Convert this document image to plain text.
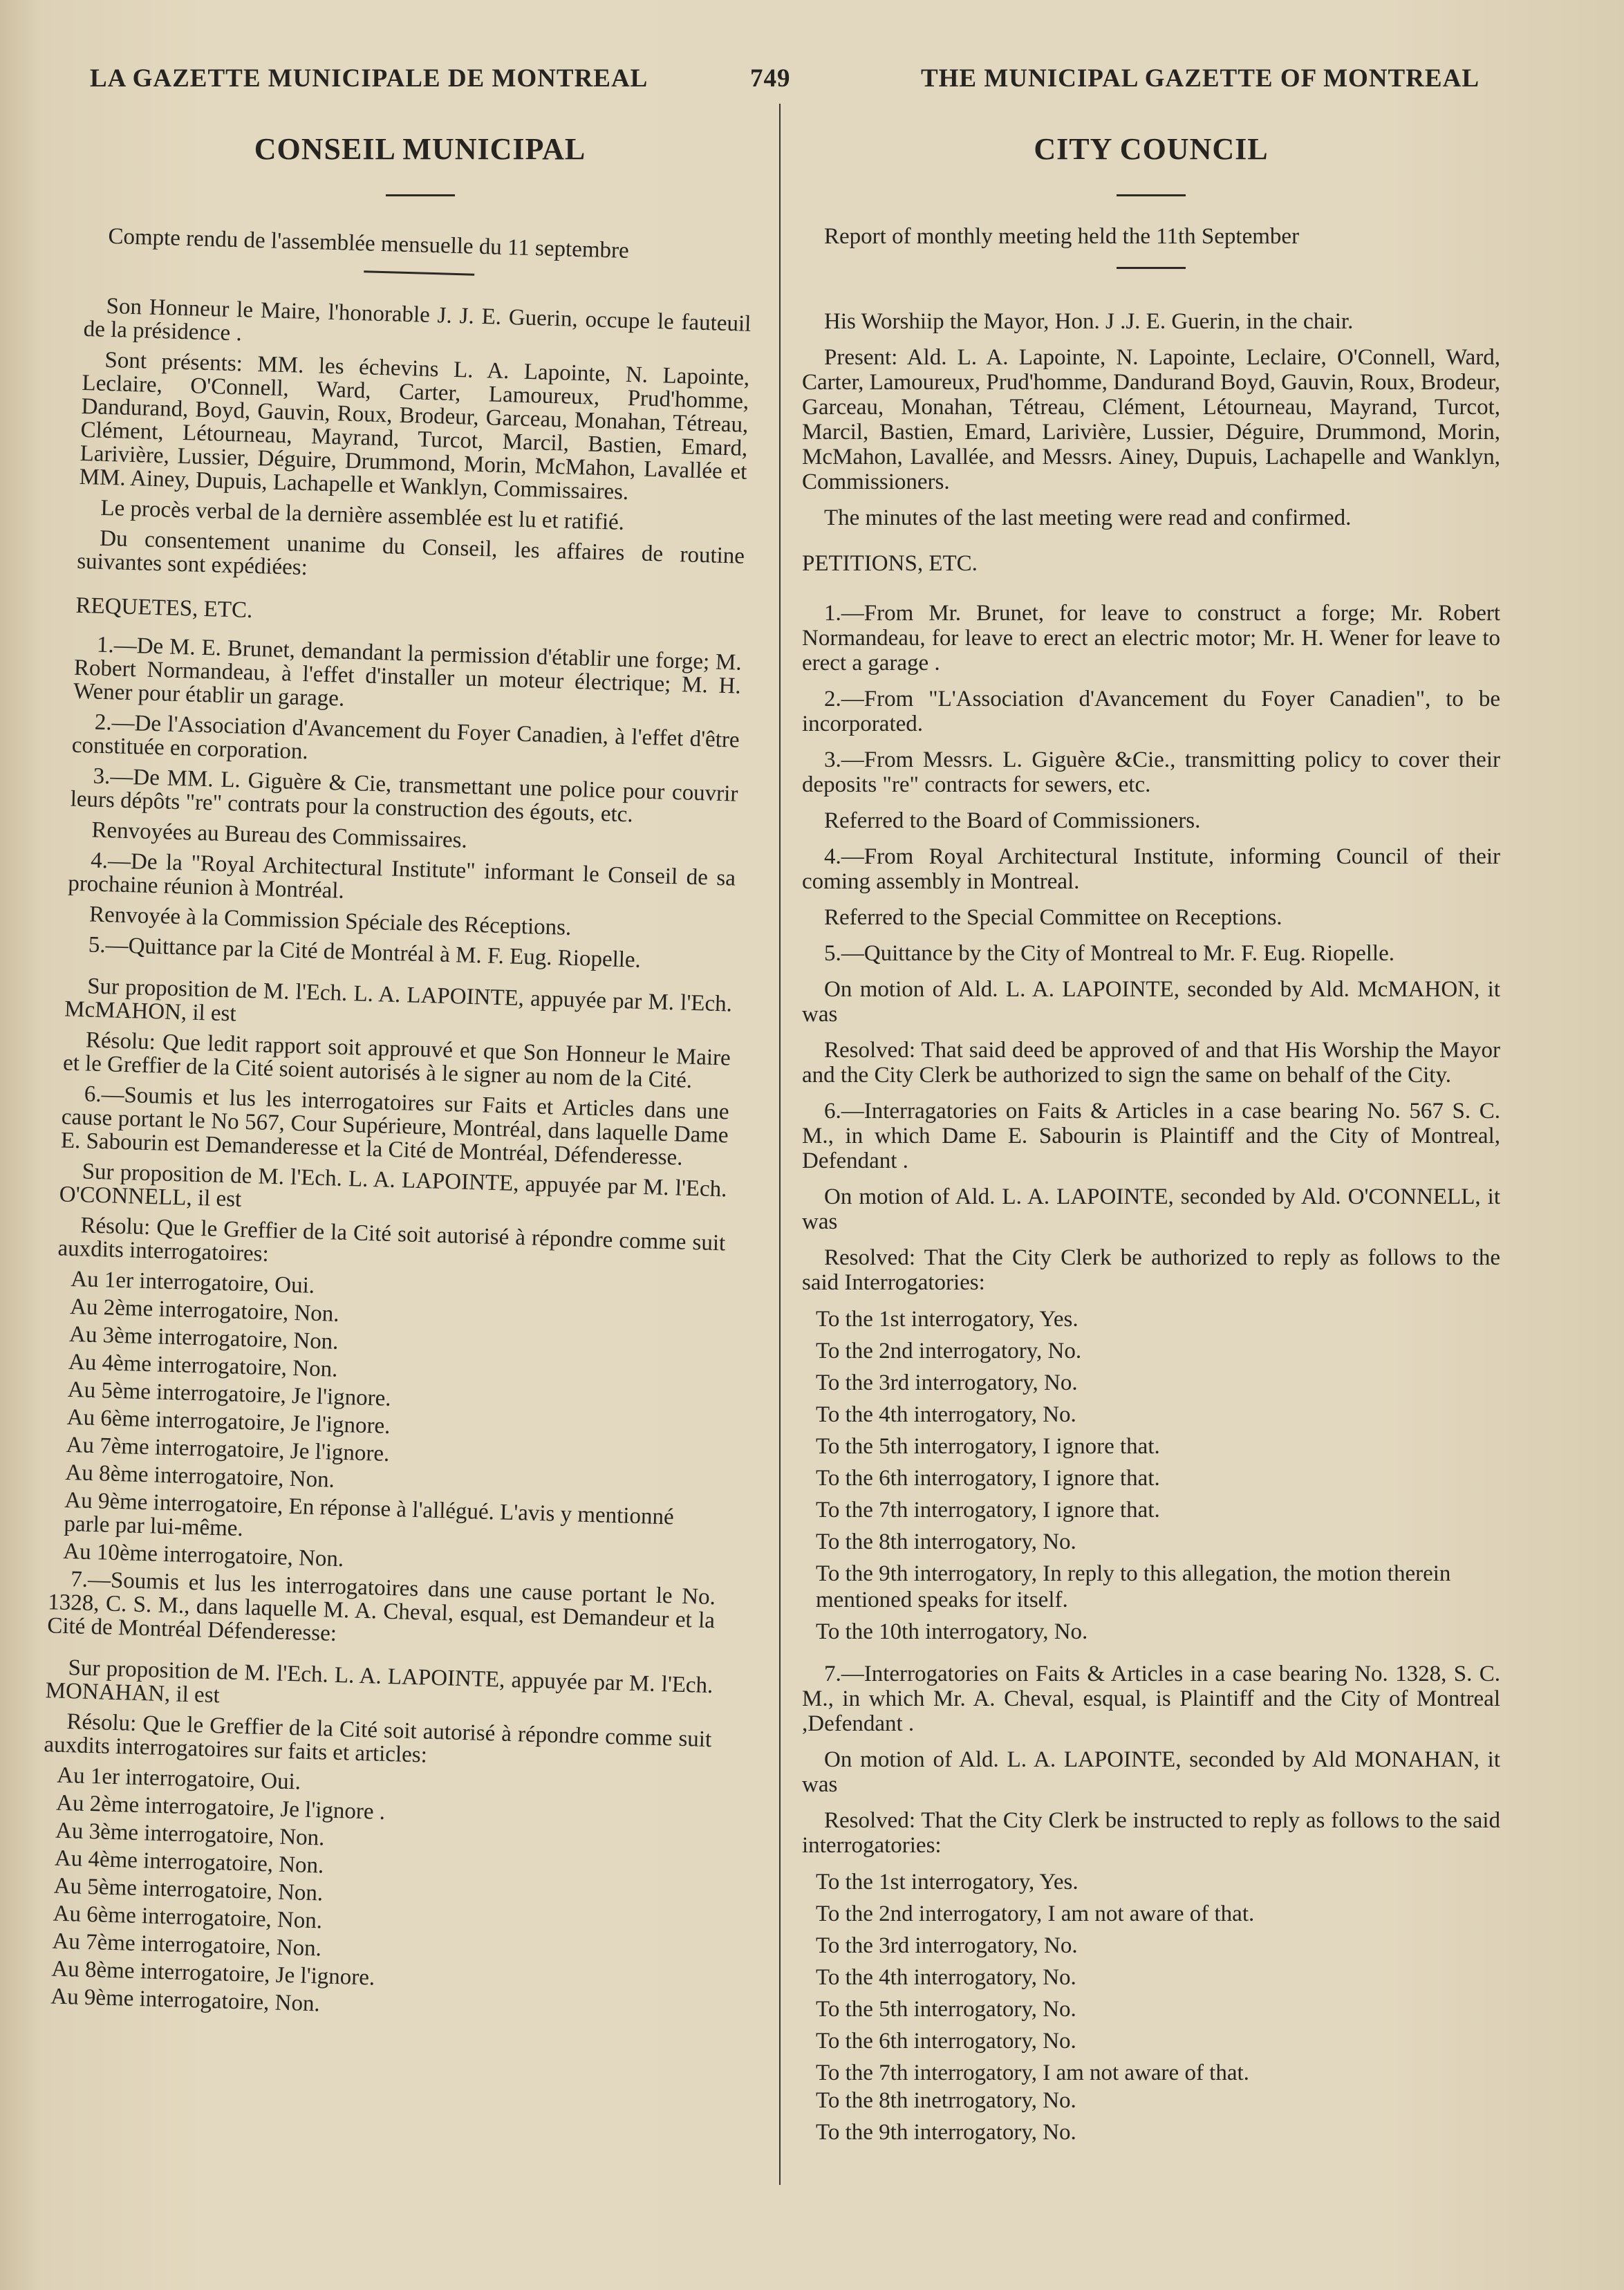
LA GAZETTE MUNICIPALE DE MONTREAL	749	THE MUNICIPAL GAZETTE OF MONTREAL
CONSEIL MUNICIPAL

Compte rendu de l'assemblée mensuelle du 11 septembre

Son Honneur le Maire, l'honorable J. J. E. Guerin, occupe le fauteuil de la présidence .

Sont présents: MM. les échevins L. A. Lapointe, N. Lapointe, Leclaire, O'Connell, Ward, Carter, Lamoureux, Prud'homme, Dandurand, Boyd, Gauvin, Roux, Brodeur, Garceau, Monahan, Tétreau, Clément, Létourneau, Mayrand, Turcot, Marcil, Bastien, Emard, Larivière, Lussier, Déguire, Drummond, Morin, McMahon, Lavallée et MM. Ainey, Dupuis, Lachapelle et Wanklyn, Commissaires.

Le procès verbal de la dernière assemblée est lu et ratifié.

Du consentement unanime du Conseil, les affaires de routine suivantes sont expédiées:

REQUETES, ETC.

1.—De M. E. Brunet, demandant la permission d'établir une forge; M. Robert Normandeau, à l'effet d'installer un moteur électrique; M. H. Wener pour établir un garage.

2.—De l'Association d'Avancement du Foyer Canadien, à l'effet d'être constituée en corporation.

3.—De MM. L. Giguère & Cie, transmettant une police pour couvrir leurs dépôts "re" contrats pour la construction des égouts, etc.

Renvoyées au Bureau des Commissaires.

4.—De la "Royal Architectural Institute" informant le Conseil de sa prochaine réunion à Montréal.

Renvoyée à la Commission Spéciale des Réceptions.

5.—Quittance par la Cité de Montréal à M. F. Eug. Riopelle.

Sur proposition de M. l'Ech. L. A. LAPOINTE, appuyée par M. l'Ech. McMAHON, il est

Résolu: Que ledit rapport soit approuvé et que Son Honneur le Maire et le Greffier de la Cité soient autorisés à le signer au nom de la Cité.

6.—Soumis et lus les interrogatoires sur Faits et Articles dans une cause portant le No 567, Cour Supérieure, Montréal, dans laquelle Dame E. Sabourin est Demanderesse et la Cité de Montréal, Défenderesse.

Sur proposition de M. l'Ech. L. A. LAPOINTE, appuyée par M. l'Ech. O'CONNELL, il est

Résolu: Que le Greffier de la Cité soit autorisé à répondre comme suit auxdits interrogatoires:

Au 1er interrogatoire, Oui.
Au 2ème interrogatoire, Non.
Au 3ème interrogatoire, Non.
Au 4ème interrogatoire, Non.
Au 5ème interrogatoire, Je l'ignore.
Au 6ème interrogatoire, Je l'ignore.
Au 7ème interrogatoire, Je l'ignore.
Au 8ème interrogatoire, Non.
Au 9ème interrogatoire, En réponse à l'allégué. L'avis y mentionné parle par lui-même.
Au 10ème interrogatoire, Non.

7.—Soumis et lus les interrogatoires dans une cause portant le No. 1328, C. S. M., dans laquelle M. A. Cheval, esqual, est Demandeur et la Cité de Montréal Défenderesse:

Sur proposition de M. l'Ech. L. A. LAPOINTE, appuyée par M. l'Ech. MONAHAN, il est

Résolu: Que le Greffier de la Cité soit autorisé à répondre comme suit auxdits interrogatoires sur faits et articles:

Au 1er interrogatoire, Oui.
Au 2ème interrogatoire, Je l'ignore .
Au 3ème interrogatoire, Non.
Au 4ème interrogatoire, Non.
Au 5ème interrogatoire, Non.
Au 6ème interrogatoire, Non.
Au 7ème interrogatoire, Non.
Au 8ème interrogatoire, Je l'ignore.
Au 9ème interrogatoire, Non.
CITY COUNCIL

Report of monthly meeting held the 11th September

His Worshiip the Mayor, Hon. J .J. E. Guerin, in the chair.

Present: Ald. L. A. Lapointe, N. Lapointe, Leclaire, O'Connell, Ward, Carter, Lamoureux, Prud'homme, Dandurand Boyd, Gauvin, Roux, Brodeur, Garceau, Monahan, Tétreau, Clément, Létourneau, Mayrand, Turcot, Marcil, Bastien, Emard, Larivière, Lussier, Déguire, Drummond, Morin, McMahon, Lavallée, and Messrs. Ainey, Dupuis, Lachapelle and Wanklyn, Commissioners.

The minutes of the last meeting were read and confirmed.

PETITIONS, ETC.

1.—From Mr. Brunet, for leave to construct a forge; Mr. Robert Normandeau, for leave to erect an electric motor; Mr. H. Wener for leave to erect a garage .

2.—From "L'Association d'Avancement du Foyer Canadien", to be incorporated.

3.—From Messrs. L. Giguère &Cie., transmitting policy to cover their deposits "re" contracts for sewers, etc.

Referred to the Board of Commissioners.

4.—From Royal Architectural Institute, informing Council of their coming assembly in Montreal.

Referred to the Special Committee on Receptions.

5.—Quittance by the City of Montreal to Mr. F. Eug. Riopelle.

On motion of Ald. L. A. LAPOINTE, seconded by Ald. McMAHON, it was

Resolved: That said deed be approved of and that His Worship the Mayor and the City Clerk be authorized to sign the same on behalf of the City.

6.—Interragatories on Faits & Articles in a case bearing No. 567 S. C. M., in which Dame E. Sabourin is Plaintiff and the City of Montreal, Defendant .

On motion of Ald. L. A. LAPOINTE, seconded by Ald. O'CONNELL, it was

Resolved: That the City Clerk be authorized to reply as follows to the said Interrogatories:

To the 1st interrogatory, Yes.
To the 2nd interrogatory, No.
To the 3rd interrogatory, No.
To the 4th interrogatory, No.
To the 5th interrogatory, I ignore that.
To the 6th interrogatory, I ignore that.
To the 7th interrogatory, I ignore that.
To the 8th interrogatory, No.
To the 9th interrogatory, In reply to this allegation, the motion therein mentioned speaks for itself.
To the 10th interrogatory, No.

7.—Interrogatories on Faits & Articles in a case bearing No. 1328, S. C. M., in which Mr. A. Cheval, esqual, is Plaintiff and the City of Montreal ,Defendant .

On motion of Ald. L. A. LAPOINTE, seconded by Ald MONAHAN, it was

Resolved: That the City Clerk be instructed to reply as follows to the said interrogatories:

To the 1st interrogatory, Yes.
To the 2nd interrogatory, I am not aware of that.
To the 3rd interrogatory, No.
To the 4th interrogatory, No.
To the 5th interrogatory, No.
To the 6th interrogatory, No.
To the 7th interrogatory, I am not aware of that.
To the 8th inetrrogatory, No.
To the 9th interrogatory, No.
